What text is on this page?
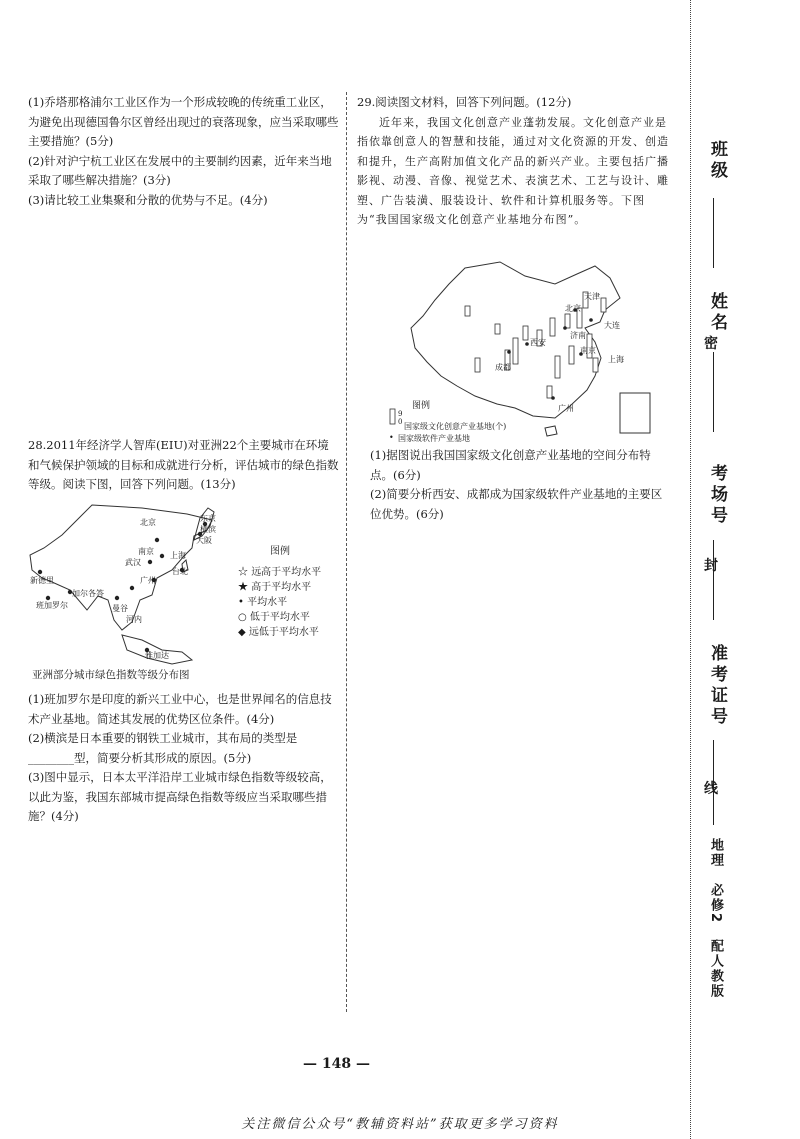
(1)乔塔那格浦尔工业区作为一个形成较晚的传统重工业区，为避免出现德国鲁尔区曾经出现过的衰落现象，应当采取哪些主要措施？(5分)

(2)针对沪宁杭工业区在发展中的主要制约因素，近年来当地采取了哪些解决措施？(3分)

(3)请比较工业集聚和分散的优势与不足。(4分)

28.2011年经济学人智库(EIU)对亚洲22个主要城市在环境和气候保护领域的目标和成就进行分析，评估城市的绿色指数等级。阅读下图，回答下列问题。(13分)

北京	东京
横滨
大阪
南京 上海
武汉
台北
广州
新德里
加尔各答
班加罗尔	曼谷
河内
雅加达
图例
☆ 远高于平均水平
★ 高于平均水平
• 平均水平
○ 低于平均水平
◆ 远低于平均水平
亚洲部分城市绿色指数等级分布图

(1)班加罗尔是印度的新兴工业中心，也是世界闻名的信息技术产业基地。简述其发展的优势区位条件。(4分)

(2)横滨是日本重要的钢铁工业城市，其布局的类型是________型，简要分析其形成的原因。(5分)

(3)图中显示，日本太平洋沿岸工业城市绿色指数等级较高，以此为鉴，我国东部城市提高绿色指数等级应当采取哪些措施？(4分)

29.阅读图文材料，回答下列问题。(12分)

近年来，我国文化创意产业蓬勃发展。文化创意产业是指依靠创意人的智慧和技能，通过对文化资源的开发、创造和提升，生产高附加值文化产品的新兴产业。主要包括广播影视、动漫、音像、视觉艺术、表演艺术、工艺与设计、雕塑、广告装潢、服装设计、软件和计算机服务等。下图为“我国国家级文化创意产业基地分布图”。

北京
天津
大连
济南
南京
西安
成都
上海
广州
图例
9
0 国家级文化创意产业基地(个)
• 国家级软件产业基地

(1)据图说出我国国家级文化创意产业基地的空间分布特点。(6分)

(2)简要分析西安、成都成为国家级软件产业基地的主要区位优势。(6分)

班级
姓名
密
考场号
封
准考证号
线
地理　必修2　配人教版
— 148 —
关注微信公众号“教辅资料站”获取更多学习资料
